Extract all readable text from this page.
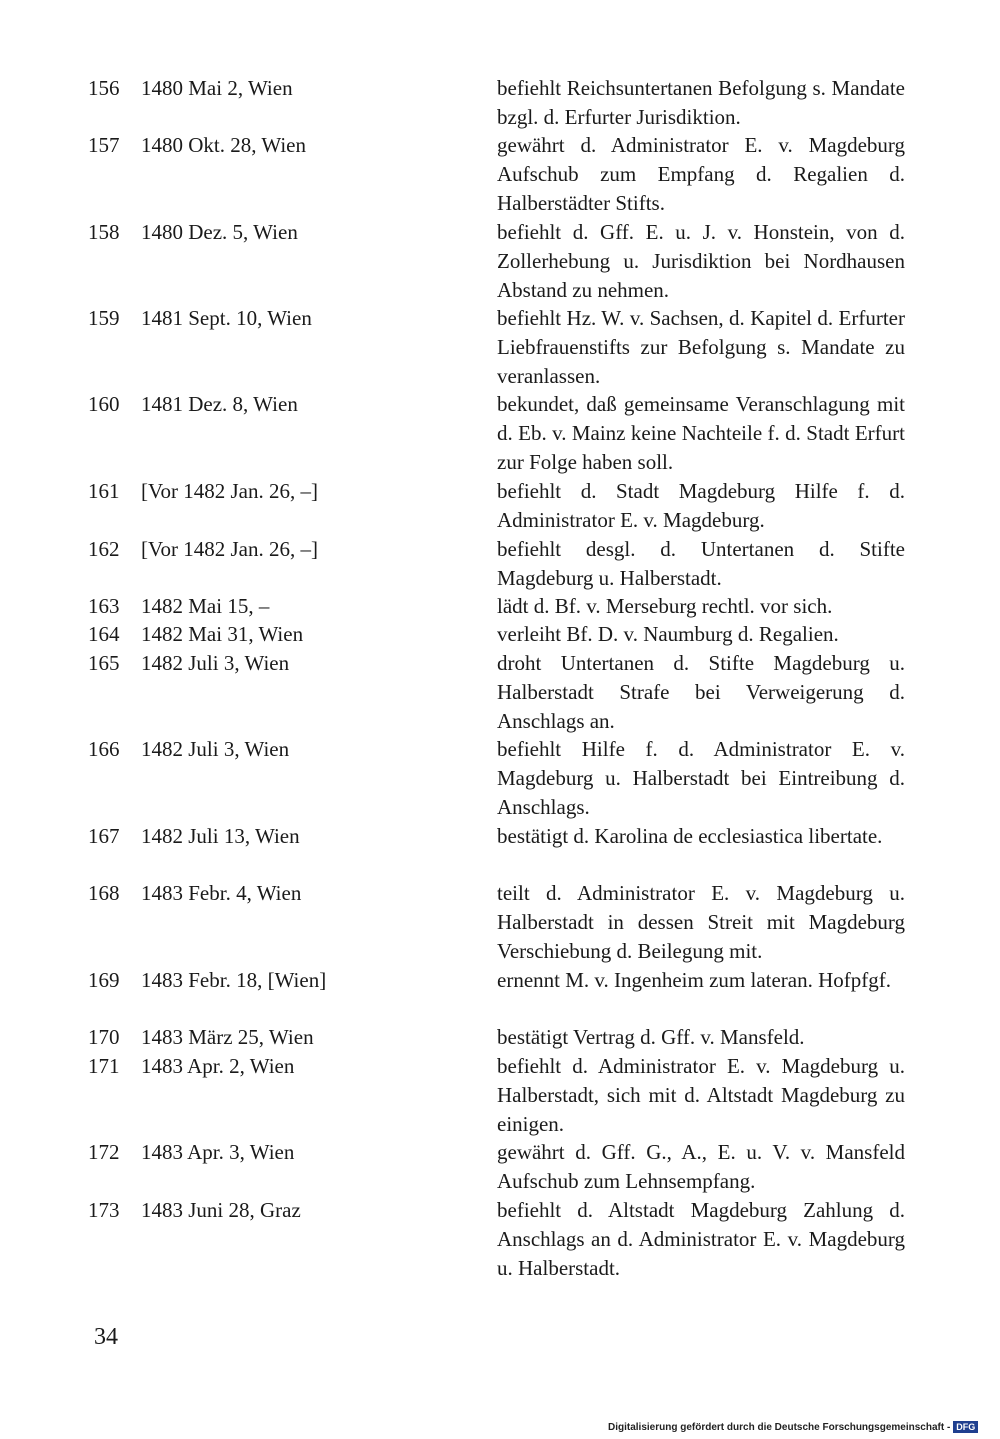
156 1480 Mai 2, Wien	befiehlt Reichsuntertanen Befolgung s. Mandate bzgl. d. Erfurter Jurisdiktion.
157 1480 Okt. 28, Wien	gewährt d. Administrator E. v. Magdeburg Aufschub zum Empfang d. Regalien d. Halberstädter Stifts.
158 1480 Dez. 5, Wien	befiehlt d. Gff. E. u. J. v. Honstein, von d. Zollerhebung u. Jurisdiktion bei Nordhausen Abstand zu nehmen.
159 1481 Sept. 10, Wien	befiehlt Hz. W. v. Sachsen, d. Kapitel d. Erfurter Liebfrauenstifts zur Befolgung s. Mandate zu veranlassen.
160 1481 Dez. 8, Wien	bekundet, daß gemeinsame Veranschlagung mit d. Eb. v. Mainz keine Nachteile f. d. Stadt Erfurt zur Folge haben soll.
161 [Vor 1482 Jan. 26, –]	befiehlt d. Stadt Magdeburg Hilfe f. d. Administrator E. v. Magdeburg.
162 [Vor 1482 Jan. 26, –]	befiehlt desgl. d. Untertanen d. Stifte Magdeburg u. Halberstadt.
163 1482 Mai 15, –	lädt d. Bf. v. Merseburg rechtl. vor sich.
164 1482 Mai 31, Wien	verleiht Bf. D. v. Naumburg d. Regalien.
165 1482 Juli 3, Wien	droht Untertanen d. Stifte Magdeburg u. Halberstadt Strafe bei Verweigerung d. Anschlags an.
166 1482 Juli 3, Wien	befiehlt Hilfe f. d. Administrator E. v. Magdeburg u. Halberstadt bei Eintreibung d. Anschlags.
167 1482 Juli 13, Wien	bestätigt d. Karolina de ecclesiastica libertate.
168 1483 Febr. 4, Wien	teilt d. Administrator E. v. Magdeburg u. Halberstadt in dessen Streit mit Magdeburg Verschiebung d. Beilegung mit.
169 1483 Febr. 18, [Wien]	ernennt M. v. Ingenheim zum lateran. Hofpfgf.
170 1483 März 25, Wien	bestätigt Vertrag d. Gff. v. Mansfeld.
171 1483 Apr. 2, Wien	befiehlt d. Administrator E. v. Magdeburg u. Halberstadt, sich mit d. Altstadt Magdeburg zu einigen.
172 1483 Apr. 3, Wien	gewährt d. Gff. G., A., E. u. V. v. Mansfeld Aufschub zum Lehnsempfang.
173 1483 Juni 28, Graz	befiehlt d. Altstadt Magdeburg Zahlung d. Anschlags an d. Administrator E. v. Magdeburg u. Halberstadt.
34
Digitalisierung gefördert durch die Deutsche Forschungsgemeinschaft - DFG
